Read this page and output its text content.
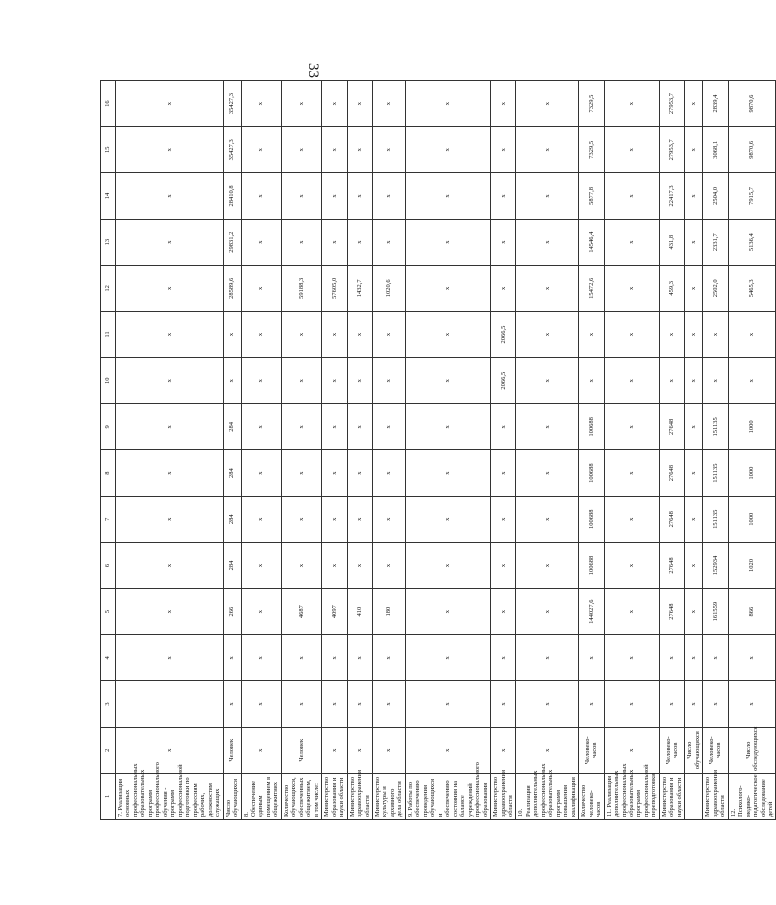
33
1	2	3	4	5	6	7	8	9	10	11	12	13	14	15	16
7. Реализация основных профессиональных образовательных программ профессионального обучения - программ профессиональной подготовки по профессиям рабочих, должностям служащих	х		х	х	х	х	х	х	х	х	х	х	х	х	х
Число обучающихся	Человек	х	х	266	284	284	284	284	х	х	28589,6	29831,2	28410,8	35427,3	35427,3
8. Обеспечение единым помещением в общежитиях	х	х	х	х	х	х	х	х	х	х	х	х	х	х	х
Количество обучающихся, обеспеченных общежитием, в том числе:	Человек	х	х	4687	х	х	х	х	х	х	59188,3	х	х	х	х
Министерство образования и науки области	х	х	х	4097	х	х	х	х	х	х	57605,0	х	х	х	х
Министерство здравоохранения области	х	х	х	410	х	х	х	х	х	х	1432,7	х	х	х	х
Министерство культуры и архивного дела области	х	х	х	180	х	х	х	х	х	х	1020,6	х	х	х	х
9. Работы по обеспечению проведения обучающихся и обеспечению состояния на балансе учреждений профессионального образования	х	х	х	х	х	х	х	х	х	х	х	х	х	х	х
Министерство здравоохранения области	х	х	х	х	х	х	х	х	2066,5	2066,5	х	х	х	х	х
10. Реализация дополнительных профессиональных образовательных программ повышения квалификации	х	х	х	х	х	х	х	х	х	х	х	х	х	х	х
Количество человеко-часов	Человеко-часов	х	х	144027,6	100688	100688	100688	100688	х	х	15472,6	14546,4	5877,8	7329,5	7329,5
11. Реализация дополнительных профессиональных образовательных программ профессиональной переподготовки	х	х	х	х	х	х	х	х	х	х	х	х	х	х	х
Министерство образования и науки области	Человеко-часов	х	х	27648	27648	27648	27648	27648	х	х	459,3	431,8	22417,3	27953,7	27953,7
	Число обучающихся	х	х	х	х	х	х	х	х	х	х	х	х	х	х
Министерство здравоохранения области	Человеко-часов	х	х	161559	152934	151135	151135	151135	х	х	2502,0	2331,7	2504,0	3068,1	2839,4
12. Психолого-медико-педагогическое обследование детей	Число обследующихся	х	х	866	1020	1000	1000	1000	х	х	5465,3	5136,4	7915,7	9870,6	9870,6
